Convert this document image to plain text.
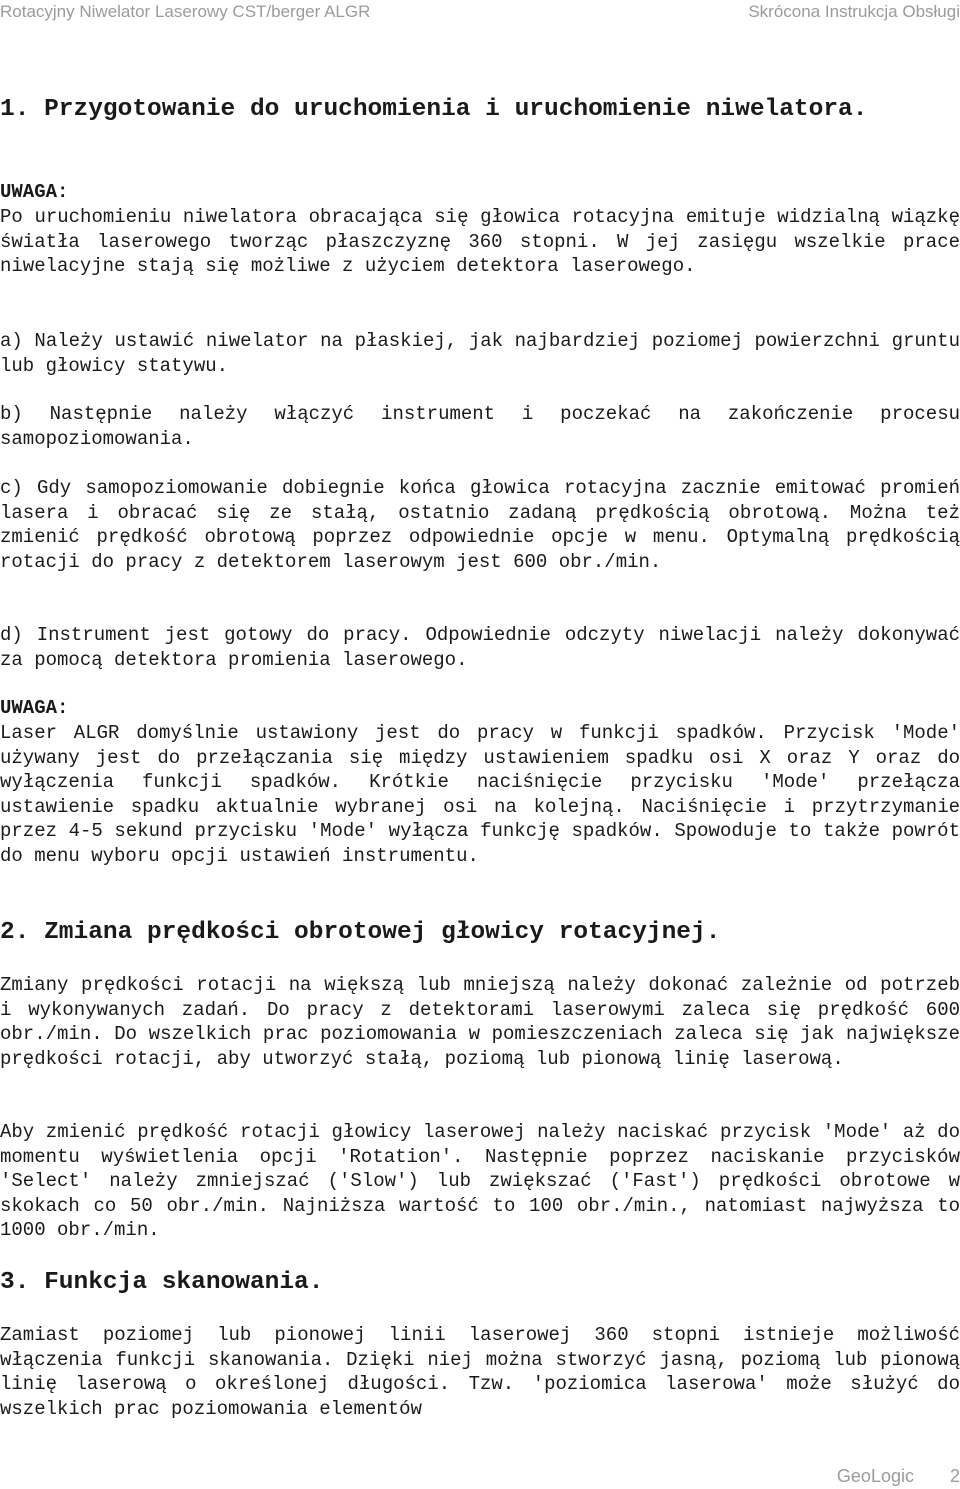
Rotacyjny Niwelator Laserowy CST/berger ALGR	Skrócona Instrukcja Obsługi
1. Przygotowanie do uruchomienia i uruchomienie niwelatora.

UWAGA:

Po uruchomieniu niwelatora obracająca się głowica rotacyjna emituje widzialną wiązkę światła laserowego tworząc płaszczyznę 360 stopni. W jej zasięgu wszelkie prace niwelacyjne stają się możliwe z użyciem detektora laserowego.

a) Należy ustawić niwelator na płaskiej, jak najbardziej poziomej powierzchni gruntu lub głowicy statywu.

b) Następnie należy włączyć instrument i poczekać na zakończenie procesu samopoziomowania.

c) Gdy samopoziomowanie dobiegnie końca głowica rotacyjna zacznie emitować promień lasera i obracać się ze stałą, ostatnio zadaną prędkością obrotową. Można też zmienić prędkość obrotową poprzez odpowiednie opcje w menu. Optymalną prędkością rotacji do pracy z detektorem laserowym jest 600 obr./min.

d) Instrument jest gotowy do pracy. Odpowiednie odczyty niwelacji należy dokonywać za pomocą detektora promienia laserowego.

UWAGA:

Laser ALGR domyślnie ustawiony jest do pracy w funkcji spadków. Przycisk 'Mode' używany jest do przełączania się między ustawieniem spadku osi X oraz Y oraz do wyłączenia funkcji spadków. Krótkie naciśnięcie przycisku 'Mode' przełącza ustawienie spadku aktualnie wybranej osi na kolejną. Naciśnięcie i przytrzymanie przez 4-5 sekund przycisku 'Mode' wyłącza funkcję spadków. Spowoduje to także powrót do menu wyboru opcji ustawień instrumentu.

2. Zmiana prędkości obrotowej głowicy rotacyjnej.

Zmiany prędkości rotacji na większą lub mniejszą należy dokonać zależnie od potrzeb i wykonywanych zadań. Do pracy z detektorami laserowymi zaleca się prędkość 600 obr./min. Do wszelkich prac poziomowania w pomieszczeniach zaleca się jak największe prędkości rotacji, aby utworzyć stałą, poziomą lub pionową linię laserową.

Aby zmienić prędkość rotacji głowicy laserowej należy naciskać przycisk 'Mode' aż do momentu wyświetlenia opcji 'Rotation'. Następnie poprzez naciskanie przycisków 'Select' należy zmniejszać ('Slow') lub zwiększać ('Fast') prędkości obrotowe w skokach co 50 obr./min. Najniższa wartość to 100 obr./min., natomiast najwyższa to 1000 obr./min.

3. Funkcja skanowania.

Zamiast poziomej lub pionowej linii laserowej 360 stopni istnieje możliwość włączenia funkcji skanowania. Dzięki niej można stworzyć jasną, poziomą lub pionową linię laserową o określonej długości. Tzw. 'poziomica laserowa' może służyć do wszelkich prac poziomowania elementów

GeoLogic 2
